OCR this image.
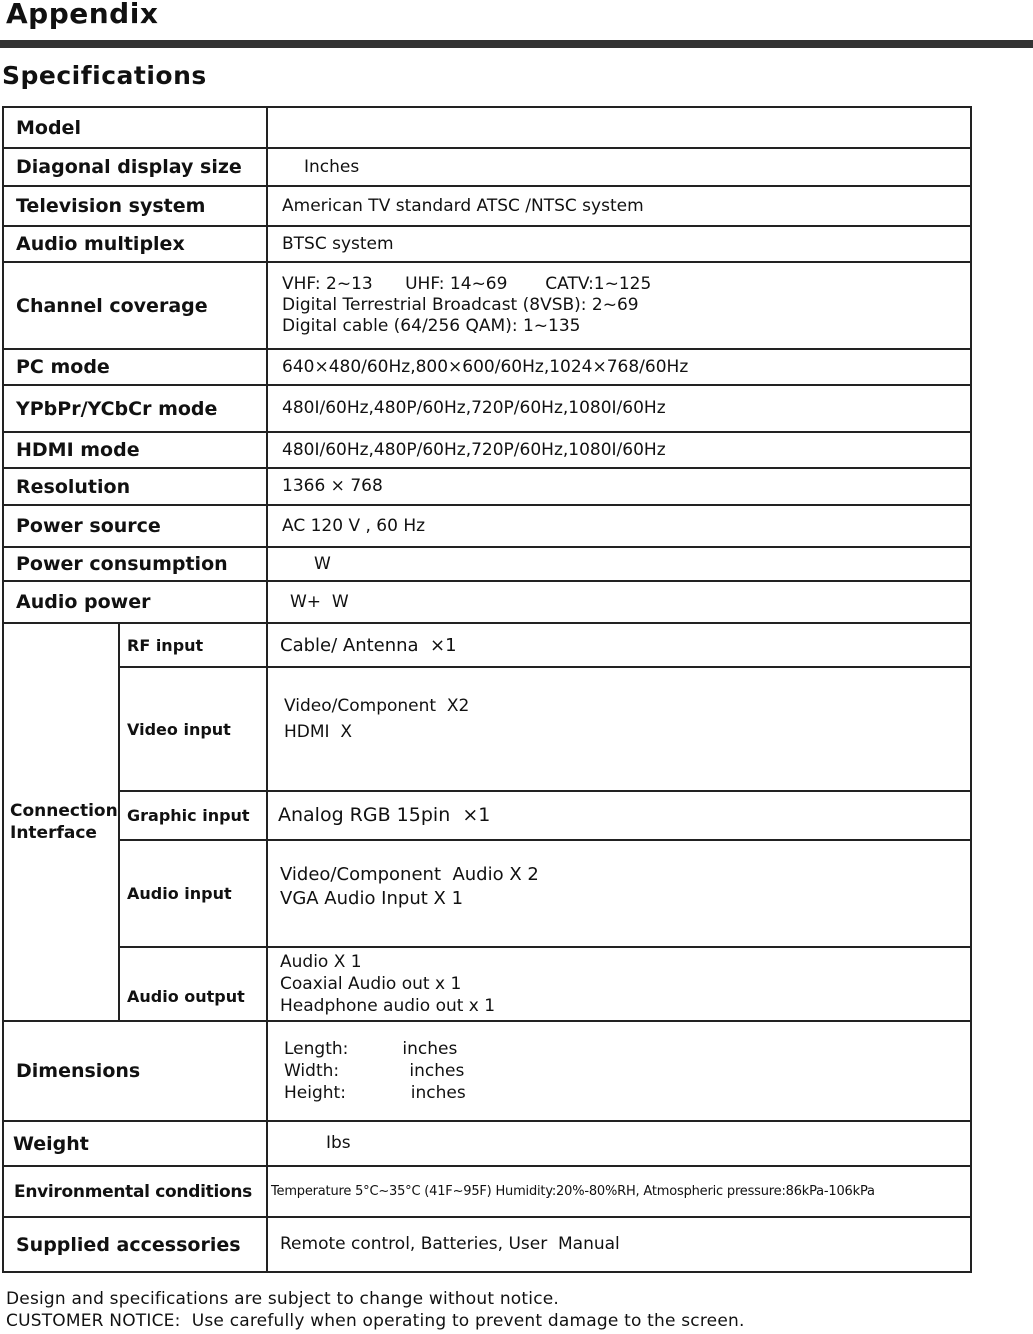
Appendix
Specifications
Model		
Diagonal display size		Inches
Television system		American TV standard ATSC /NTSC system
Audio multiplex		BTSC system
Channel coverage		VHF: 2~13      UHF: 14~69       CATV:1~125
Digital Terrestrial Broadcast (8VSB): 2~69
Digital cable (64/256 QAM): 1~135

PC mode		640×480/60Hz,800×600/60Hz,1024×768/60Hz
YPbPr/YCbCr mode		480I/60Hz,480P/60Hz,720P/60Hz,1080I/60Hz
HDMI mode		480I/60Hz,480P/60Hz,720P/60Hz,1080I/60Hz
Resolution		1366 × 768
Power source		AC 120 V , 60 Hz
Power consumption		W
Audio power		W+  W
Connection Interface	RF input	Cable/ Antenna  ×1
	Video input	Video/Component  X2
HDMI  X

	Graphic input	Analog RGB 15pin  ×1
	Audio input	Video/Component  Audio X 2
VGA Audio Input X 1

	Audio output	Audio X 1
Coaxial Audio out x 1
Headphone audio out x 1

Dimensions		Length:          inches
Width:             inches
Height:            inches

Weight		Ibs
Environmental conditions		Temperature 5°C~35°C (41F~95F) Humidity:20%-80%RH, Atmospheric pressure:86kPa-106kPa
Supplied accessories		Remote control, Batteries, User  Manual
Design and specifications are subject to change without notice.
CUSTOMER NOTICE:  Use carefully when operating to prevent damage to the screen.
